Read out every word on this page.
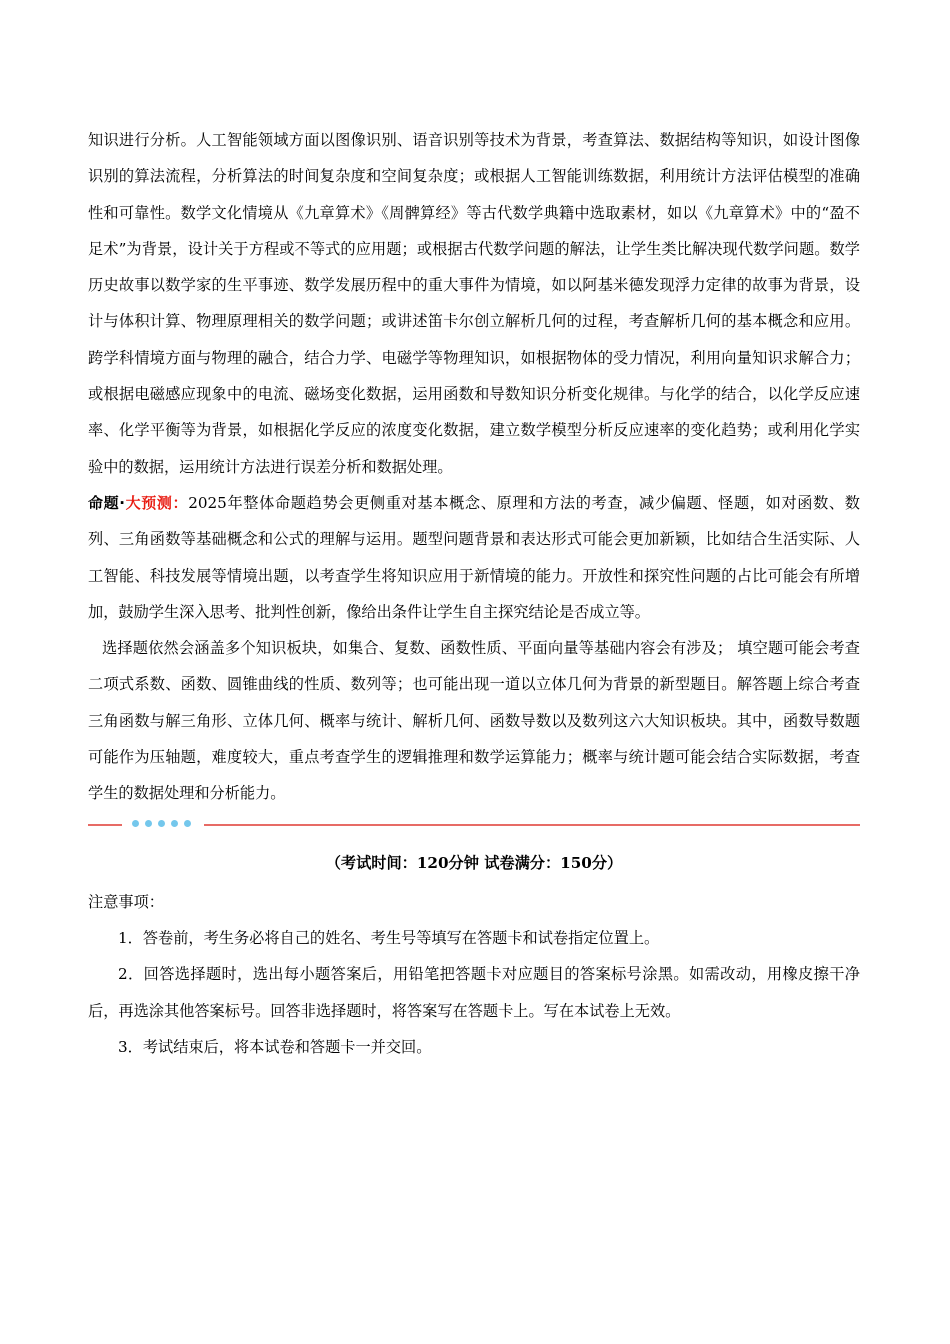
知识进行分析。人工智能领域方面以图像识别、语音识别等技术为背景，考查算法、数据结构等知识，如设计图像识别的算法流程，分析算法的时间复杂度和空间复杂度；或根据人工智能训练数据，利用统计方法评估模型的准确性和可靠性。数学文化情境从《九章算术》《周髀算经》等古代数学典籍中选取素材，如以《九章算术》中的“盈不足术”为背景，设计关于方程或不等式的应用题；或根据古代数学问题的解法，让学生类比解决现代数学问题。数学历史故事以数学家的生平事迹、数学发展历程中的重大事件为情境，如以阿基米德发现浮力定律的故事为背景，设计与体积计算、物理原理相关的数学问题；或讲述笛卡尔创立解析几何的过程，考查解析几何的基本概念和应用。跨学科情境方面与物理的融合，结合力学、电磁学等物理知识，如根据物体的受力情况，利用向量知识求解合力；或根据电磁感应现象中的电流、磁场变化数据，运用函数和导数知识分析变化规律。与化学的结合，以化学反应速率、化学平衡等为背景，如根据化学反应的浓度变化数据，建立数学模型分析反应速率的变化趋势；或利用化学实验中的数据，运用统计方法进行误差分析和数据处理。

命题·大预测：2025年整体命题趋势会更侧重对基本概念、原理和方法的考查，减少偏题、怪题，如对函数、数列、三角函数等基础概念和公式的理解与运用。题型问题背景和表达形式可能会更加新颖，比如结合生活实际、人工智能、科技发展等情境出题，以考查学生将知识应用于新情境的能力。开放性和探究性问题的占比可能会有所增加，鼓励学生深入思考、批判性创新，像给出条件让学生自主探究结论是否成立等。

选择题依然会涵盖多个知识板块，如集合、复数、函数性质、平面向量等基础内容会有涉及； 填空题可能会考查二项式系数、函数、圆锥曲线的性质、数列等；也可能出现一道以立体几何为背景的新型题目。解答题上综合考查三角函数与解三角形、立体几何、概率与统计、解析几何、函数导数以及数列这六大知识板块。其中，函数导数题可能作为压轴题，难度较大，重点考查学生的逻辑推理和数学运算能力；概率与统计题可能会结合实际数据，考查学生的数据处理和分析能力。

（考试时间：120分钟 试卷满分：150分）

注意事项：

1．答卷前，考生务必将自己的姓名、考生号等填写在答题卡和试卷指定位置上。

2．回答选择题时，选出每小题答案后，用铅笔把答题卡对应题目的答案标号涂黑。如需改动，用橡皮擦干净后，再选涂其他答案标号。回答非选择题时，将答案写在答题卡上。写在本试卷上无效。

3．考试结束后，将本试卷和答题卡一并交回。
